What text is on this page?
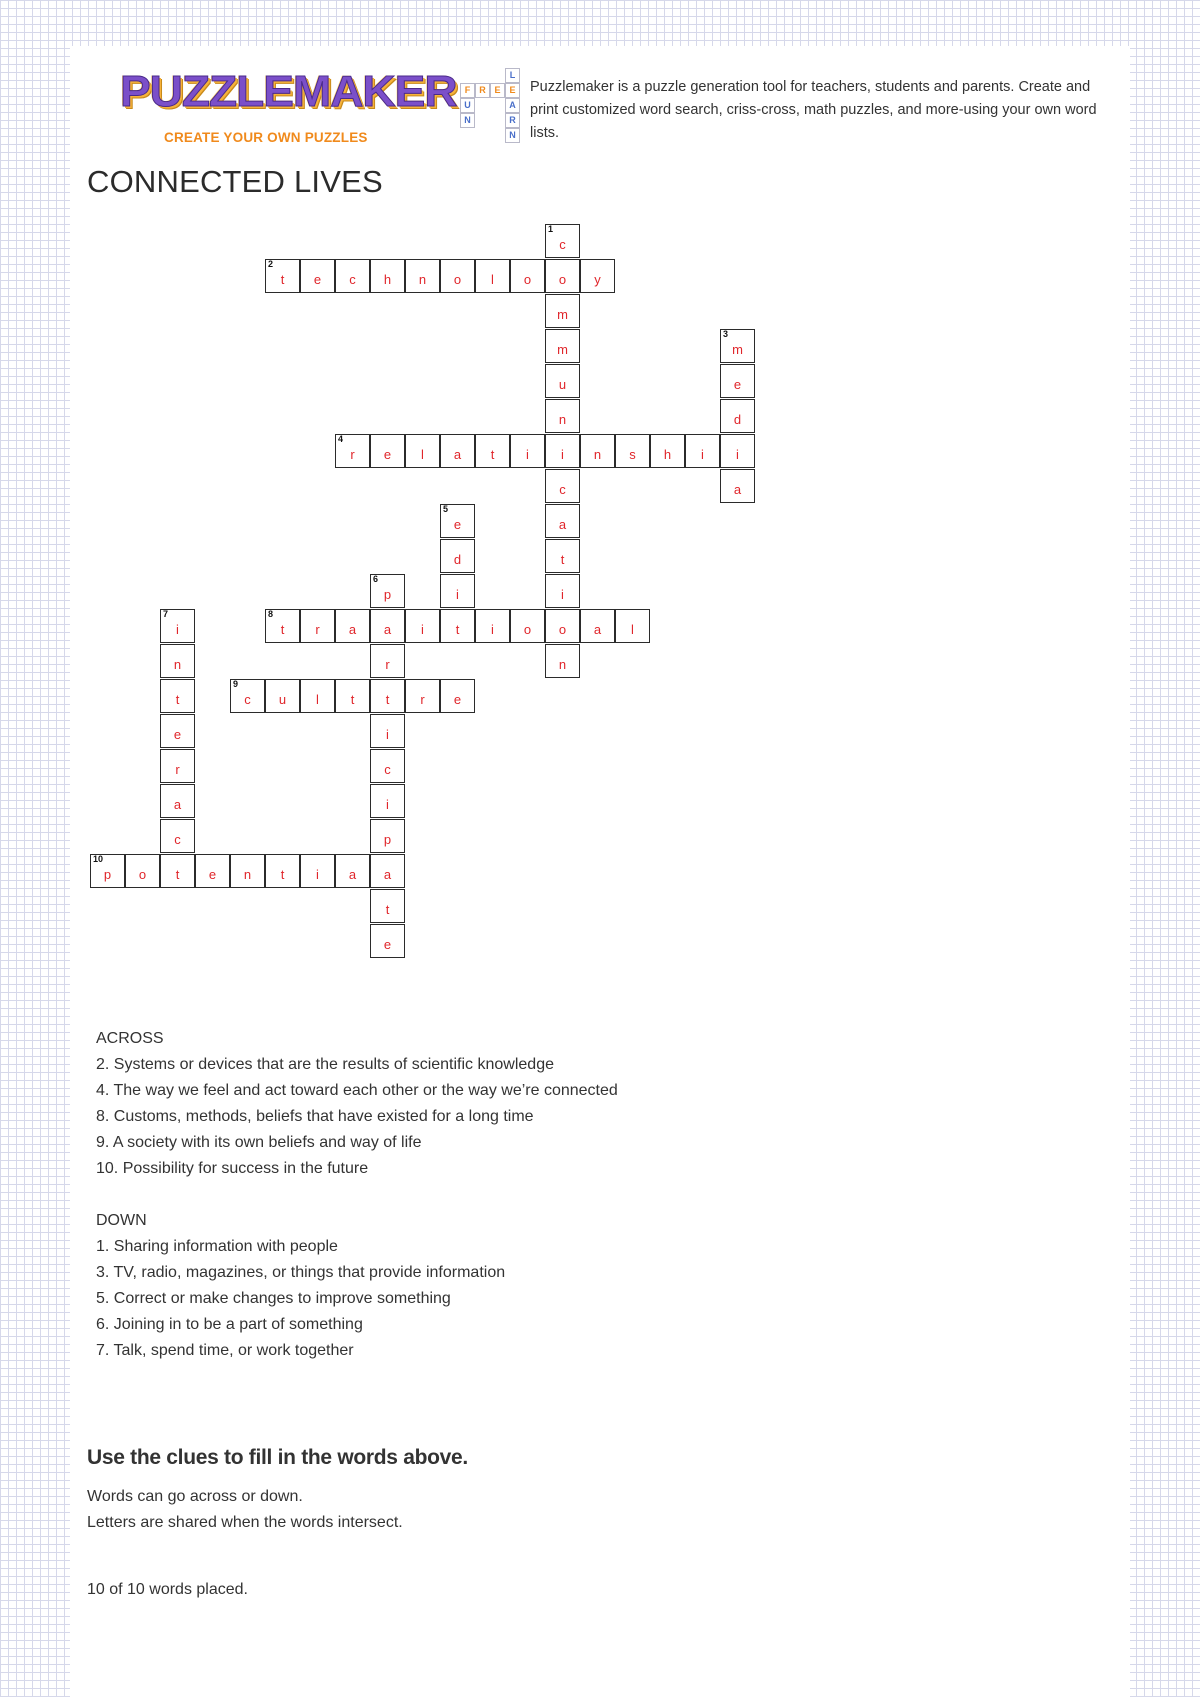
PUZZLEMAKER
CREATE YOUR OWN PUZZLES
F	R E E
U
N
L
A
R
N
Puzzlemaker is a puzzle generation tool for teachers, students and parents. Create and print customized word search, criss-cross, math puzzles, and more-using your own word lists.
CONNECTED LIVES
1
c
o
m
m
u
n
i
c
a
t
i
o
n
2
t	e	c	h	n	o	l	o	y
3
m
e
d
i
a
4
r	e	l	a	t	i	n	s	h	i
5
e
d
i
t
6
p
a
r
t
i
c
i
p
a
t
e
7
i
n
t
e
r
a
c
t
8
t	r	a	i	i	o	a	l
9
c	u	l	t	r	e
10
p	o	e	n	t	i	a
ACROSS
2. Systems or devices that are the results of scientific knowledge
4. The way we feel and act toward each other or the way we’re connected
8. Customs, methods, beliefs that have existed for a long time
9. A society with its own beliefs and way of life
10. Possibility for success in the future
DOWN
1. Sharing information with people
3. TV, radio, magazines, or things that provide information
5. Correct or make changes to improve something
6. Joining in to be a part of something
7. Talk, spend time, or work together
Use the clues to fill in the words above.
Words can go across or down.
Letters are shared when the words intersect.
10 of 10 words placed.
